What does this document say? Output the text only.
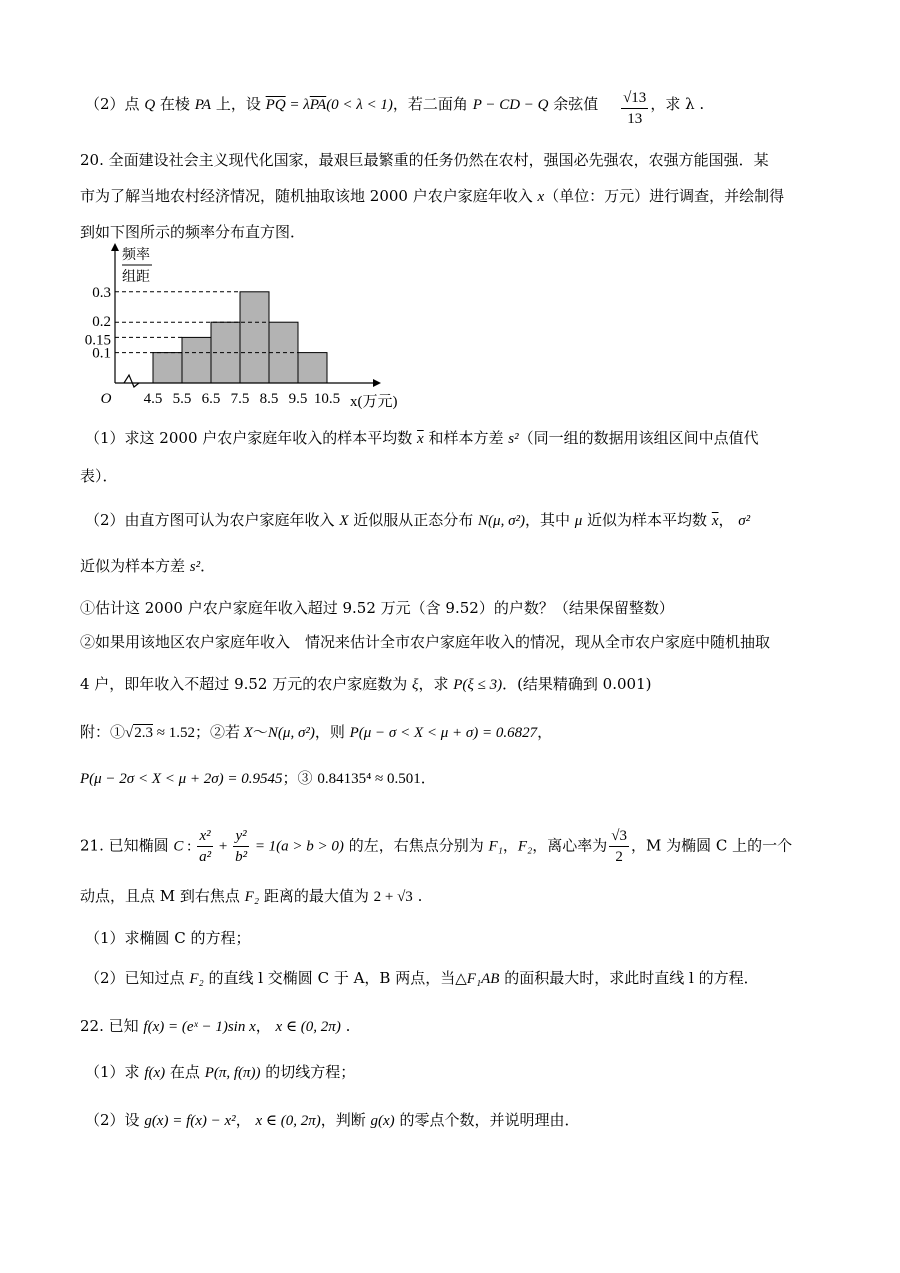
（2）点 Q 在棱 PA 上，设 $\overline{PQ} = \lambda\overline{PA}(0 < \lambda < 1)$，若二面角 P − CD − Q 余弦值 $\frac{√13}{13}$ ，求 λ .
20. 全面建设社会主义现代化国家，最艰巨最繁重的任务仍然在农村，强国必先强农，农强方能国强．某
市为了解当地农村经济情况，随机抽取该地 2000 户农户家庭年收入 x（单位：万元）进行调查，并绘制得
到如下图所示的频率分布直方图．
0.1
0.15
0.2
0.3
4.5 5.5 6.5 7.5 8.5 9.5 10.5
O	x(万元)
频率
组距
（1）求这 2000 户农户家庭年收入的样本平均数 $\overline{x}$ 和样本方差 s²（同一组的数据用该组区间中点值代
表）．
（2）由直方图可认为农户家庭年收入 X 近似服从正态分布 N(μ, σ²)，其中 μ 近似为样本平均数 $\overline{x}$， σ²
近似为样本方差 s²．
①估计这 2000 户农户家庭年收入超过 9.52 万元（含 9.52）的户数？（结果保留整数）
②如果用该地区农户家庭年收入　情况来估计全市农户家庭年收入的情况，现从全市农户家庭中随机抽取
4 户，即年收入不超过 9.52 万元的农户家庭数为 ξ，求 P(ξ ≤ 3)．(结果精确到 0.001)
附：①√2.3 ≈ 1.52；②若 X～N(μ, σ²)，则 P(μ − σ < X < μ + σ) = 0.6827，
P(μ − 2σ < X < μ + 2σ) = 0.9545；③ 0.84135⁴ ≈ 0.501．
21. 已知椭圆 C : $\frac{\text{x²}}{\text{a²}} + \frac{\text{y²}}{\text{b²}} = 1(a > b > 0)$ 的左，右焦点分别为 F₁，F₂，离心率为 $\frac{√3}{2}$ ，M 为椭圆 C 上的一个
动点，且点 M 到右焦点 F₂ 距离的最大值为 2 + √3 .
（1）求椭圆 C 的方程；
（2）已知过点 F₂ 的直线 l 交椭圆 C 于 A，B 两点，当△F₁AB 的面积最大时，求此时直线 l 的方程．
22. 已知 f(x) = (eˣ − 1)sin x， x ∈ (0, 2π) .
（1）求 f(x) 在点 P(π, f(π)) 的切线方程；
（2）设 g(x) = f(x) − x²， x ∈ (0, 2π)，判断 g(x) 的零点个数，并说明理由．
